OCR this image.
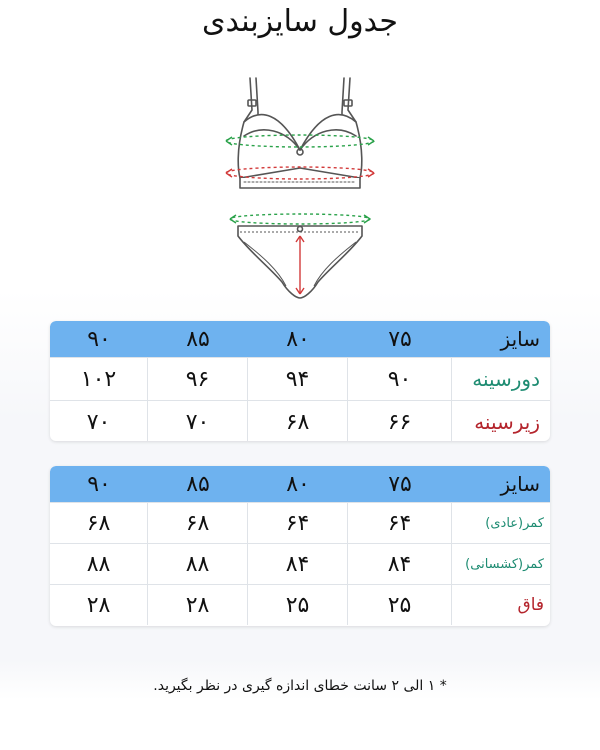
جدول سایزبندی
سایز
۷۵
۸۰
۸۵
۹۰
دورسینه
۹۰
۹۴
۹۶
۱۰۲
زیرسینه
۶۶
۶۸
۷۰
۷۰
سایز
۷۵
۸۰
۸۵
۹۰
کمر(عادی)
۶۴
۶۴
۶۸
۶۸
کمر(کشسانی)
۸۴
۸۴
۸۸
۸۸
فاق
۲۵
۲۵
۲۸
۲۸
* ۱ الی ۲ سانت خطای اندازه گیری در نظر بگیرید.
